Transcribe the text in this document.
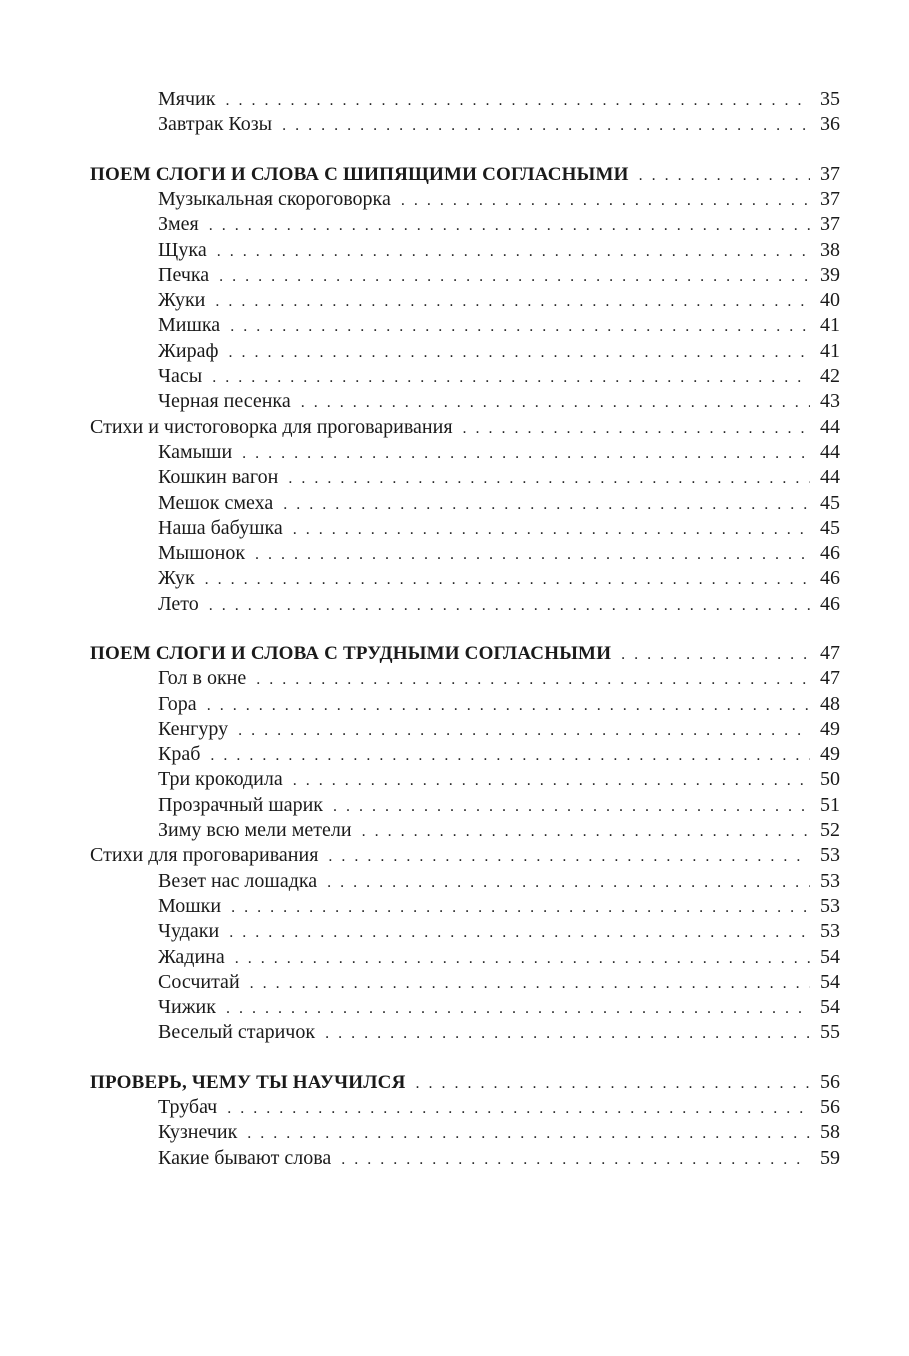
Мячик . . .	35
Завтрак Козы . . .	36
ПОЕМ СЛОГИ И СЛОВА С ШИПЯЩИМИ СОГЛАСНЫМИ . . .	37
Музыкальная скороговорка . . .	37
Змея . . .	37
Щука . . .	38
Печка . . .	39
Жуки . . .	40
Мишка . . .	41
Жираф . . .	41
Часы . . .	42
Черная песенка . . .	43
Стихи и чистоговорка для проговаривания . . .	44
Камыши . . .	44
Кошкин вагон . . .	44
Мешок смеха . . .	45
Наша бабушка . . .	45
Мышонок . . .	46
Жук . . .	46
Лето . . .	46
ПОЕМ СЛОГИ И СЛОВА С ТРУДНЫМИ СОГЛАСНЫМИ . . .	47
Гол в окне . . .	47
Гора . . .	48
Кенгуру . . .	49
Краб . . .	49
Три крокодила . . .	50
Прозрачный шарик . . .	51
Зиму всю мели метели . . .	52
Стихи для проговаривания . . .	53
Везет нас лошадка . . .	53
Мошки . . .	53
Чудаки . . .	53
Жадина . . .	54
Сосчитай . . .	54
Чижик . . .	54
Веселый старичок . . .	55
ПРОВЕРЬ, ЧЕМУ ТЫ НАУЧИЛСЯ . . .	56
Трубач . . .	56
Кузнечик . . .	58
Какие бывают слова . . .	59
